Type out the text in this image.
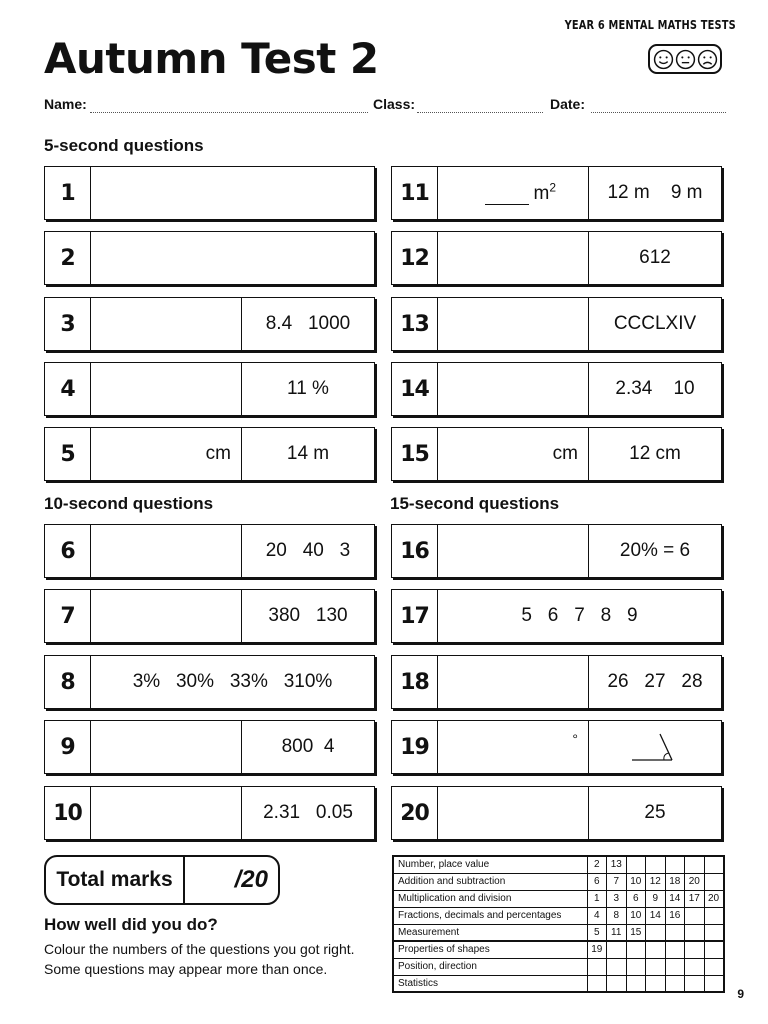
YEAR 6 MENTAL MATHS TESTS
Autumn Test 2
Name:	Class:	Date:
5-second questions
10-second questions	15-second questions
1
2
3	8.4   1000
4	11 %
5	cm	14 m
6	20   40   3
7	380   130
8	3%   30%   33%   310%
9	800  4
10	2.31   0.05
11	$m^2$	12 m    9 m
12	612
13	CCCLXIV
14	2.34    10
15	cm	12 cm
16	20% = 6
17	5   6   7   8   9
18	26   27   28
19	°
20	25
Total marks	/20
How well did you do?
Colour the numbers of the questions you got right.
Some questions may appear more than once.
Number, place value	2	13					
Addition and subtraction	6	7	10	12	18	20	
Multiplication and division	1	3	6	9	14	17	20
Fractions, decimals and percentages	4	8	10	14	16		
Measurement	5	11	15				
Properties of shapes	19						
Position, direction							
Statistics							
9
